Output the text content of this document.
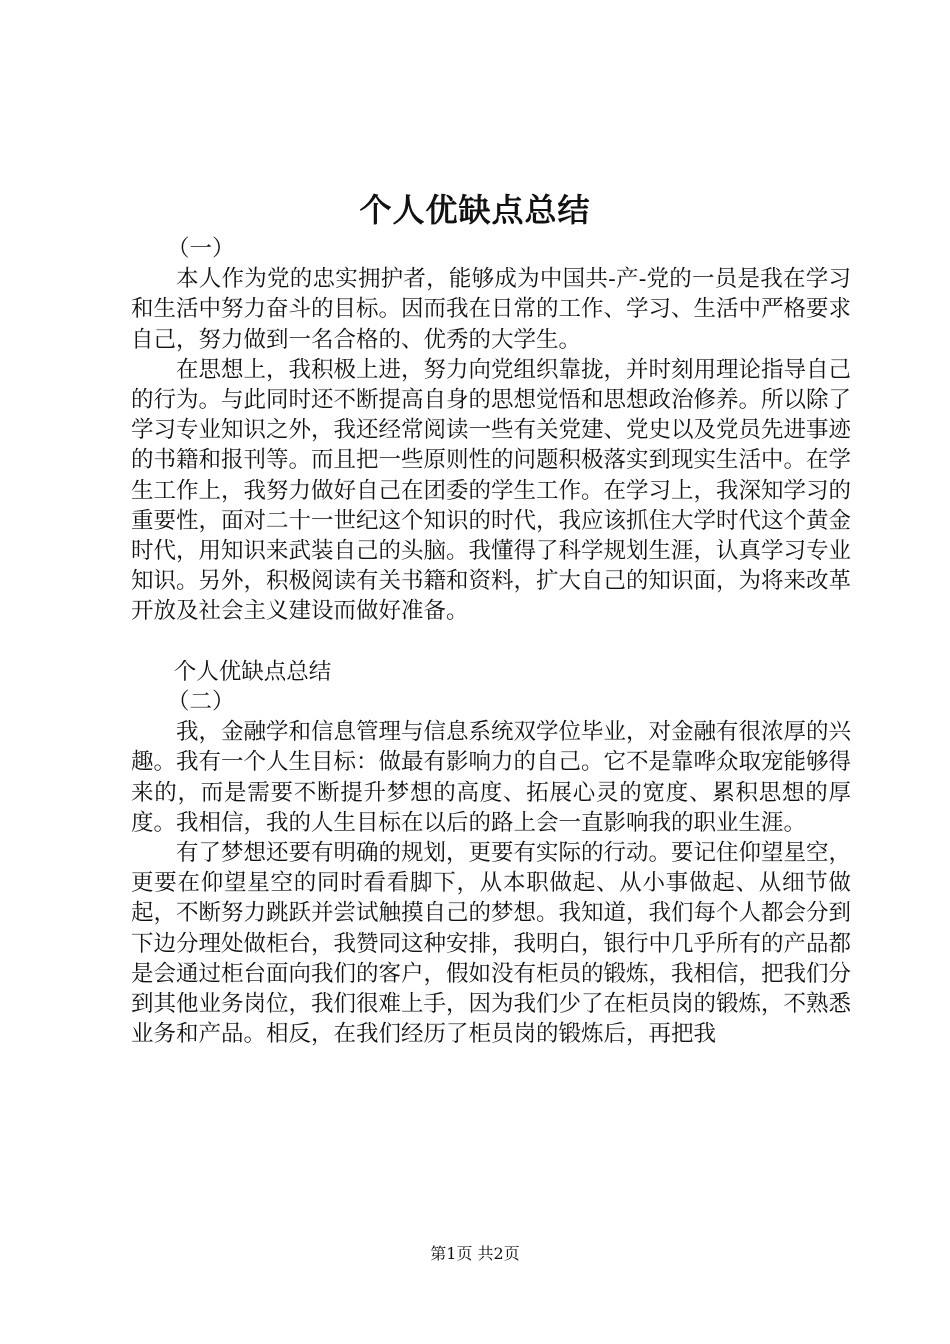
个人优缺点总结

（一）

本人作为党的忠实拥护者，能够成为中国共-产-党的一员是我在学习和生活中努力奋斗的目标。因而我在日常的工作、学习、生活中严格要求自己，努力做到一名合格的、优秀的大学生。

在思想上，我积极上进，努力向党组织靠拢，并时刻用理论指导自己的行为。与此同时还不断提高自身的思想觉悟和思想政治修养。所以除了学习专业知识之外，我还经常阅读一些有关党建、党史以及党员先进事迹的书籍和报刊等。而且把一些原则性的问题积极落实到现实生活中。在学生工作上，我努力做好自己在团委的学生工作。在学习上，我深知学习的重要性，面对二十一世纪这个知识的时代，我应该抓住大学时代这个黄金时代，用知识来武装自己的头脑。我懂得了科学规划生涯，认真学习专业知识。另外，积极阅读有关书籍和资料，扩大自己的知识面，为将来改革开放及社会主义建设而做好准备。

个人优缺点总结

（二）

我，金融学和信息管理与信息系统双学位毕业，对金融有很浓厚的兴趣。我有一个人生目标：做最有影响力的自己。它不是靠哗众取宠能够得来的，而是需要不断提升梦想的高度、拓展心灵的宽度、累积思想的厚度。我相信，我的人生目标在以后的路上会一直影响我的职业生涯。

有了梦想还要有明确的规划，更要有实际的行动。要记住仰望星空，更要在仰望星空的同时看看脚下，从本职做起、从小事做起、从细节做起，不断努力跳跃并尝试触摸自己的梦想。我知道，我们每个人都会分到下边分理处做柜台，我赞同这种安排，我明白，银行中几乎所有的产品都是会通过柜台面向我们的客户，假如没有柜员的锻炼，我相信，把我们分到其他业务岗位，我们很难上手，因为我们少了在柜员岗的锻炼，不熟悉业务和产品。相反，在我们经历了柜员岗的锻炼后，再把我

第1页 共2页
